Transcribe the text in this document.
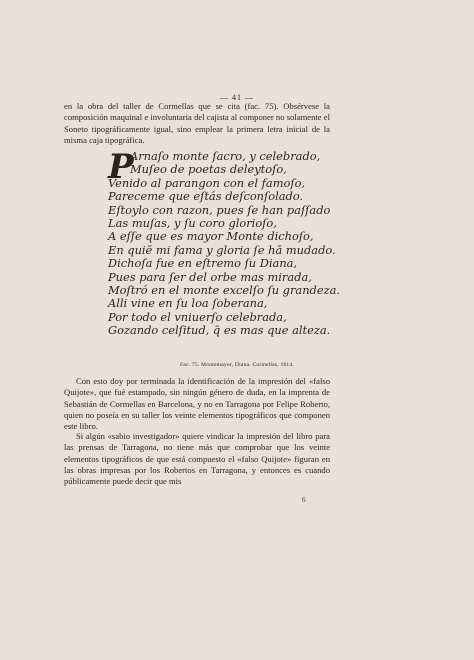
— 41 —

en la obra del taller de Cormellas que se cita (fac. 75). Obsérvese la composición maquinal e involuntaria del cajista al componer no solamente el Soneto tipográficamente igual, sino emplear la primera letra inicial de la misma caja tipográfica.

P
Arnaſo monte ſacro, y celebrado,
Muſeo de poetas deleytoſo,
Venido al parangon con el famoſo,
Pareceme que eſtás deſconſolado.
Eſtoylo con razon, pues ſe han paſſado
Las muſas, y ſu coro glorioſo,
A eſſe que es mayor Monte dichoſo,
En quiē mi fama y gloria ſe hā mudado.
Dichoſa fue en eſtremo ſu Diana,
Pues para ſer del orbe mas mirada,
Moſtró en el monte excelſo ſu grandeza.
Alli vine en ſu loa ſoberana,
Por todo el vniuerſo celebrada,
Gozando celſitud, q̄ es mas que alteza.
Fac. 75. Montemayor, Diana. Cormellas, 1614.

Con esto doy por terminada la identificación de la impresión del «falso Quijote», que fué estampado, sin ningún género de duda, en la imprenta de Sebastián de Cormellas en Barcelona, y no en Tarragona por Felipe Roberto, quien no poseía en su taller los veinte elementos tipográficos que componen este libro.

Si algún «sabio investigador» quiere vindicar la impresión del libro para las prensas de Tarragona, no tiene más que comprobar que los veinte elementos tipográficos de que está compuesto el «falso Quijote» figuran en las obras impresas por los Robertos en Tarragona, y entonces es cuando públicamente puede decir que mis

6
